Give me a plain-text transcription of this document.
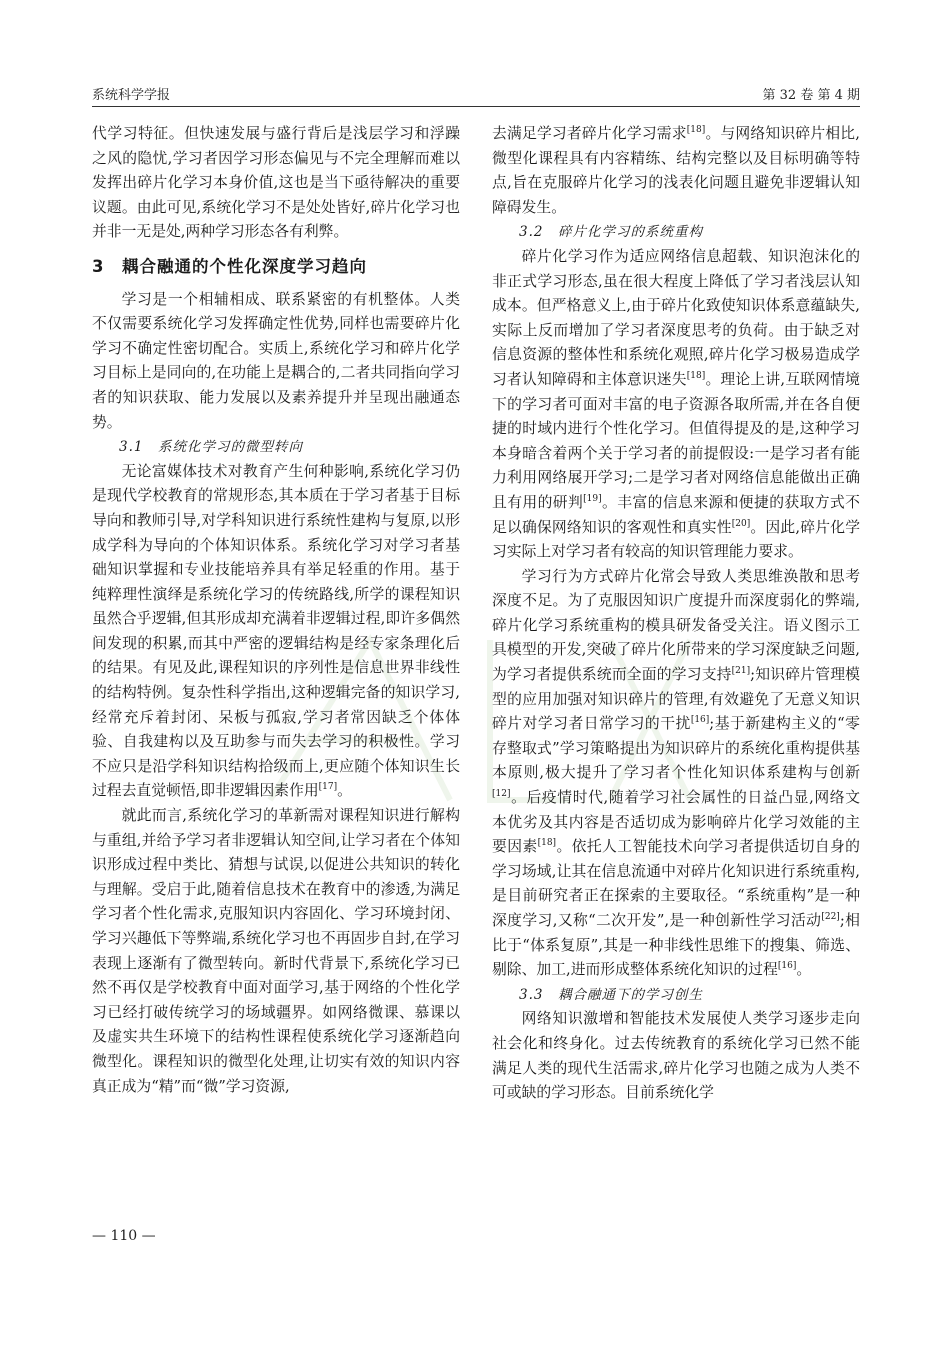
系统科学学报	第 32 卷 第 4 期

代学习特征。但快速发展与盛行背后是浅层学习和浮躁之风的隐忧,学习者因学习形态偏见与不完全理解而难以发挥出碎片化学习本身价值,这也是当下亟待解决的重要议题。由此可见,系统化学习不是处处皆好,碎片化学习也并非一无是处,两种学习形态各有利弊。

3　耦合融通的个性化深度学习趋向

学习是一个相辅相成、联系紧密的有机整体。人类不仅需要系统化学习发挥确定性优势,同样也需要碎片化学习不确定性密切配合。实质上,系统化学习和碎片化学习目标上是同向的,在功能上是耦合的,二者共同指向学习者的知识获取、能力发展以及素养提升并呈现出融通态势。

3.1　系统化学习的微型转向

无论富媒体技术对教育产生何种影响,系统化学习仍是现代学校教育的常规形态,其本质在于学习者基于目标导向和教师引导,对学科知识进行系统性建构与复原,以形成学科为导向的个体知识体系。系统化学习对学习者基础知识掌握和专业技能培养具有举足轻重的作用。基于纯粹理性演绎是系统化学习的传统路线,所学的课程知识虽然合乎逻辑,但其形成却充满着非逻辑过程,即许多偶然间发现的积累,而其中严密的逻辑结构是经专家条理化后的结果。有见及此,课程知识的序列性是信息世界非线性的结构特例。复杂性科学指出,这种逻辑完备的知识学习,经常充斥着封闭、呆板与孤寂,学习者常因缺乏个体体验、自我建构以及互助参与而失去学习的积极性。学习不应只是沿学科知识结构拾级而上,更应随个体知识生长过程去直觉顿悟,即非逻辑因素作用[17]。

就此而言,系统化学习的革新需对课程知识进行解构与重组,并给予学习者非逻辑认知空间,让学习者在个体知识形成过程中类比、猜想与试误,以促进公共知识的转化与理解。受启于此,随着信息技术在教育中的渗透,为满足学习者个性化需求,克服知识内容固化、学习环境封闭、学习兴趣低下等弊端,系统化学习也不再固步自封,在学习表现上逐渐有了微型转向。新时代背景下,系统化学习已然不再仅是学校教育中面对面学习,基于网络的个性化学习已经打破传统学习的场域疆界。如网络微课、慕课以及虚实共生环境下的结构性课程使系统化学习逐渐趋向微型化。课程知识的微型化处理,让切实有效的知识内容真正成为“精”而“微”学习资源,

去满足学习者碎片化学习需求[18]。与网络知识碎片相比,微型化课程具有内容精练、结构完整以及目标明确等特点,旨在克服碎片化学习的浅表化问题且避免非逻辑认知障碍发生。

3.2　碎片化学习的系统重构

碎片化学习作为适应网络信息超载、知识泡沫化的非正式学习形态,虽在很大程度上降低了学习者浅层认知成本。但严格意义上,由于碎片化致使知识体系意蕴缺失,实际上反而增加了学习者深度思考的负荷。由于缺乏对信息资源的整体性和系统化观照,碎片化学习极易造成学习者认知障碍和主体意识迷失[18]。理论上讲,互联网情境下的学习者可面对丰富的电子资源各取所需,并在各自便捷的时域内进行个性化学习。但值得提及的是,这种学习本身暗含着两个关于学习者的前提假设:一是学习者有能力利用网络展开学习;二是学习者对网络信息能做出正确且有用的研判[19]。丰富的信息来源和便捷的获取方式不足以确保网络知识的客观性和真实性[20]。因此,碎片化学习实际上对学习者有较高的知识管理能力要求。

学习行为方式碎片化常会导致人类思维涣散和思考深度不足。为了克服因知识广度提升而深度弱化的弊端,碎片化学习系统重构的模具研发备受关注。语义图示工具模型的开发,突破了碎片化所带来的学习深度缺乏问题,为学习者提供系统而全面的学习支持[21];知识碎片管理模型的应用加强对知识碎片的管理,有效避免了无意义知识碎片对学习者日常学习的干扰[16];基于新建构主义的“零存整取式”学习策略提出为知识碎片的系统化重构提供基本原则,极大提升了学习者个性化知识体系建构与创新[12]。后疫情时代,随着学习社会属性的日益凸显,网络文本优劣及其内容是否适切成为影响碎片化学习效能的主要因素[18]。依托人工智能技术向学习者提供适切自身的学习场域,让其在信息流通中对碎片化知识进行系统重构,是目前研究者正在探索的主要取径。“系统重构”是一种深度学习,又称“二次开发”,是一种创新性学习活动[22];相比于“体系复原”,其是一种非线性思维下的搜集、筛选、剔除、加工,进而形成整体系统化知识的过程[16]。

3.3　耦合融通下的学习创生

网络知识激增和智能技术发展使人类学习逐步走向社会化和终身化。过去传统教育的系统化学习已然不能满足人类的现代生活需求,碎片化学习也随之成为人类不可或缺的学习形态。目前系统化学

— 110 —
